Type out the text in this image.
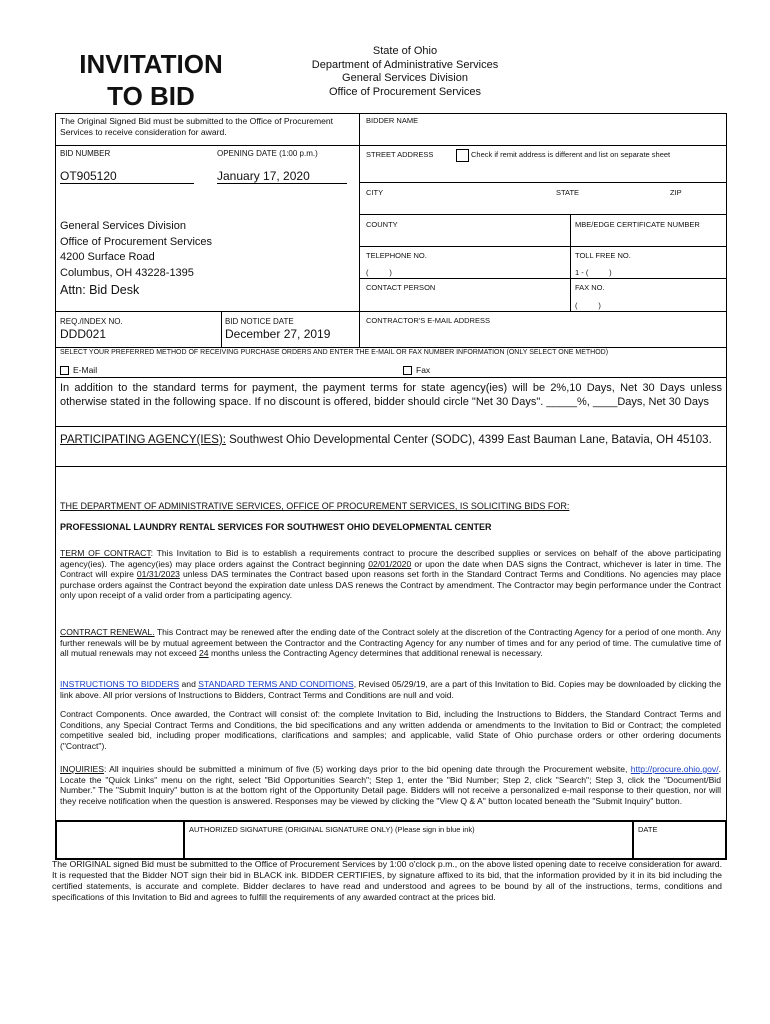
INVITATION
TO BID
State of Ohio
Department of Administrative Services
General Services Division
Office of Procurement Services
The Original Signed Bid must be submitted to the Office of Procurement Services to receive consideration for award.
BID NUMBER	OPENING DATE (1:00 p.m.)
OT905120	January 17, 2020
General Services Division
Office of Procurement Services
4200 Surface Road
Columbus, OH 43228-1395
Attn: Bid Desk
REQ./INDEX NO.
DDD021
BID NOTICE DATE
December 27, 2019
BIDDER NAME
STREET ADDRESS	Check if remit address is different and list on separate sheet
CITY	STATE	ZIP
COUNTY	MBE/EDGE CERTIFICATE NUMBER
TELEPHONE NO.
(          )
TOLL FREE NO.
1 - (          )
CONTACT PERSON	FAX NO.
(          )
CONTRACTOR'S E-MAIL ADDRESS
SELECT YOUR PREFERRED METHOD OF RECEIVING PURCHASE ORDERS AND ENTER THE E-MAIL OR FAX NUMBER INFORMATION (ONLY SELECT ONE METHOD)
E-Mail	Fax
In addition to the standard terms for payment, the payment terms for state agency(ies) will be 2%,10 Days, Net 30 Days unless otherwise stated in the following space. If no discount is offered, bidder should circle "Net 30 Days". _____%, ____Days, Net 30 Days
PARTICIPATING AGENCY(IES): Southwest Ohio Developmental Center (SODC), 4399 East Bauman Lane, Batavia, OH 45103.
THE DEPARTMENT OF ADMINISTRATIVE SERVICES, OFFICE OF PROCUREMENT SERVICES, IS SOLICITING BIDS FOR:
PROFESSIONAL LAUNDRY RENTAL SERVICES FOR SOUTHWEST OHIO DEVELOPMENTAL CENTER
TERM OF CONTRACT: This Invitation to Bid is to establish a requirements contract to procure the described supplies or services on behalf of the above participating agency(ies). The agency(ies) may place orders against the Contract beginning 02/01/2020 or upon the date when DAS signs the Contract, whichever is later in time. The Contract will expire 01/31/2023 unless DAS terminates the Contract based upon reasons set forth in the Standard Contract Terms and Conditions. No agencies may place purchase orders against the Contract beyond the expiration date unless DAS renews the Contract by amendment. The Contractor may begin performance under the Contract only upon receipt of a valid order from a participating agency.
CONTRACT RENEWAL. This Contract may be renewed after the ending date of the Contract solely at the discretion of the Contracting Agency for a period of one month. Any further renewals will be by mutual agreement between the Contractor and the Contracting Agency for any number of times and for any period of time. The cumulative time of all mutual renewals may not exceed 24 months unless the Contracting Agency determines that additional renewal is necessary.
INSTRUCTIONS TO BIDDERS and STANDARD TERMS AND CONDITIONS, Revised 05/29/19, are a part of this Invitation to Bid. Copies may be downloaded by clicking the link above. All prior versions of Instructions to Bidders, Contract Terms and Conditions are null and void.
Contract Components. Once awarded, the Contract will consist of: the complete Invitation to Bid, including the Instructions to Bidders, the Standard Contract Terms and Conditions, any Special Contract Terms and Conditions, the bid specifications and any written addenda or amendments to the Invitation to Bid or Contract; the completed competitive sealed bid, including proper modifications, clarifications and samples; and applicable, valid State of Ohio purchase orders or other ordering documents ("Contract").
INQUIRIES: All inquiries should be submitted a minimum of five (5) working days prior to the bid opening date through the Procurement website, http://procure.ohio.gov/. Locate the "Quick Links" menu on the right, select "Bid Opportunities Search"; Step 1, enter the "Bid Number; Step 2, click "Search"; Step 3, click the "Document/Bid Number." The "Submit Inquiry" button is at the bottom right of the Opportunity Detail page. Bidders will not receive a personalized e-mail response to their question, nor will they receive notification when the question is answered. Responses may be viewed by clicking the "View Q & A" button located beneath the "Submit Inquiry" button.
AUTHORIZED SIGNATURE (ORIGINAL SIGNATURE ONLY) (Please sign in blue ink)	DATE
The ORIGINAL signed Bid must be submitted to the Office of Procurement Services by 1:00 o'clock p.m., on the above listed opening date to receive consideration for award. It is requested that the Bidder NOT sign their bid in BLACK ink. BIDDER CERTIFIES, by signature affixed to its bid, that the information provided by it in its bid including the certified statements, is accurate and complete. Bidder declares to have read and understood and agrees to be bound by all of the instructions, terms, conditions and specifications of this Invitation to Bid and agrees to fulfill the requirements of any awarded contract at the prices bid.
